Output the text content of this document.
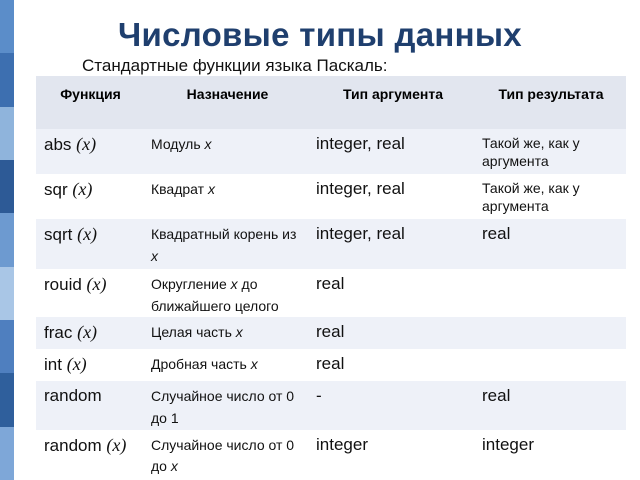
Числовые типы данных

Стандартные функции языка Паскаль:

Функция	Назначение	Тип аргумента	Тип результата
abs (x)	Модуль x	integer, real	Такой же, как у аргумента
sqr (x)	Квадрат x	integer, real	Такой же, как у аргумента
sqrt (x)	Квадратный корень из x	integer, real	real
rouid (x)	Округление x до ближайшего целого	real	
frac (x)	Целая часть x	real	
int (x)	Дробная часть x	real	
random	Случайное число от 0 до 1	-	real
random (x)	Случайное число от 0 до x	integer	integer
